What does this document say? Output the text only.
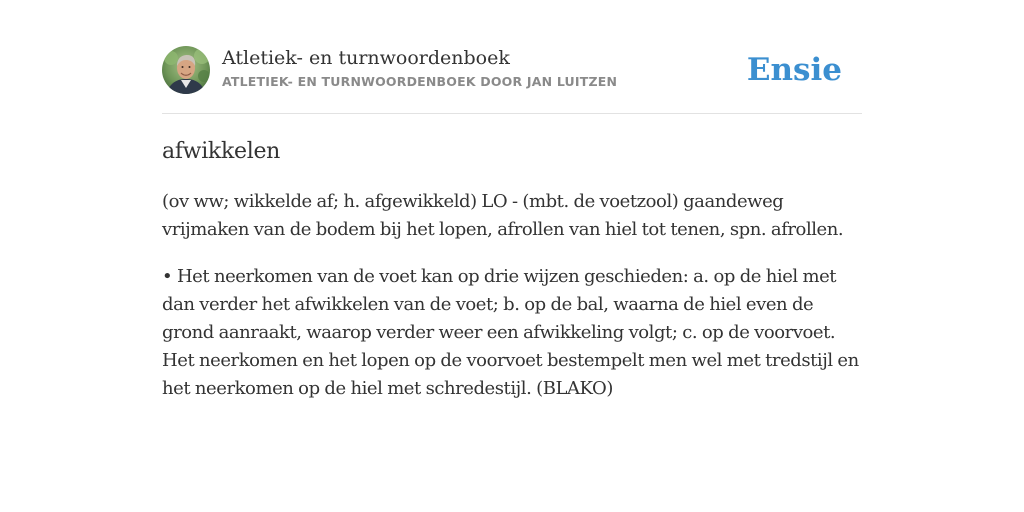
Atletiek- en turnwoordenboek
ATLETIEK- EN TURNWOORDENBOEK DOOR JAN LUITZEN	Ensie
afwikkelen

(ov ww; wikkelde af; h. afgewikkeld) LO - (mbt. de voetzool) gaandeweg vrijmaken van de bodem bij het lopen, afrollen van hiel tot tenen, spn. afrollen.

• Het neerkomen van de voet kan op drie wijzen geschieden: a. op de hiel met dan verder het afwikkelen van de voet; b. op de bal, waarna de hiel even de grond aanraakt, waarop verder weer een afwikkeling volgt; c. op de voorvoet. Het neerkomen en het lopen op de voorvoet bestempelt men wel met tredstijl en het neerkomen op de hiel met schredestijl. (BLAKO)
